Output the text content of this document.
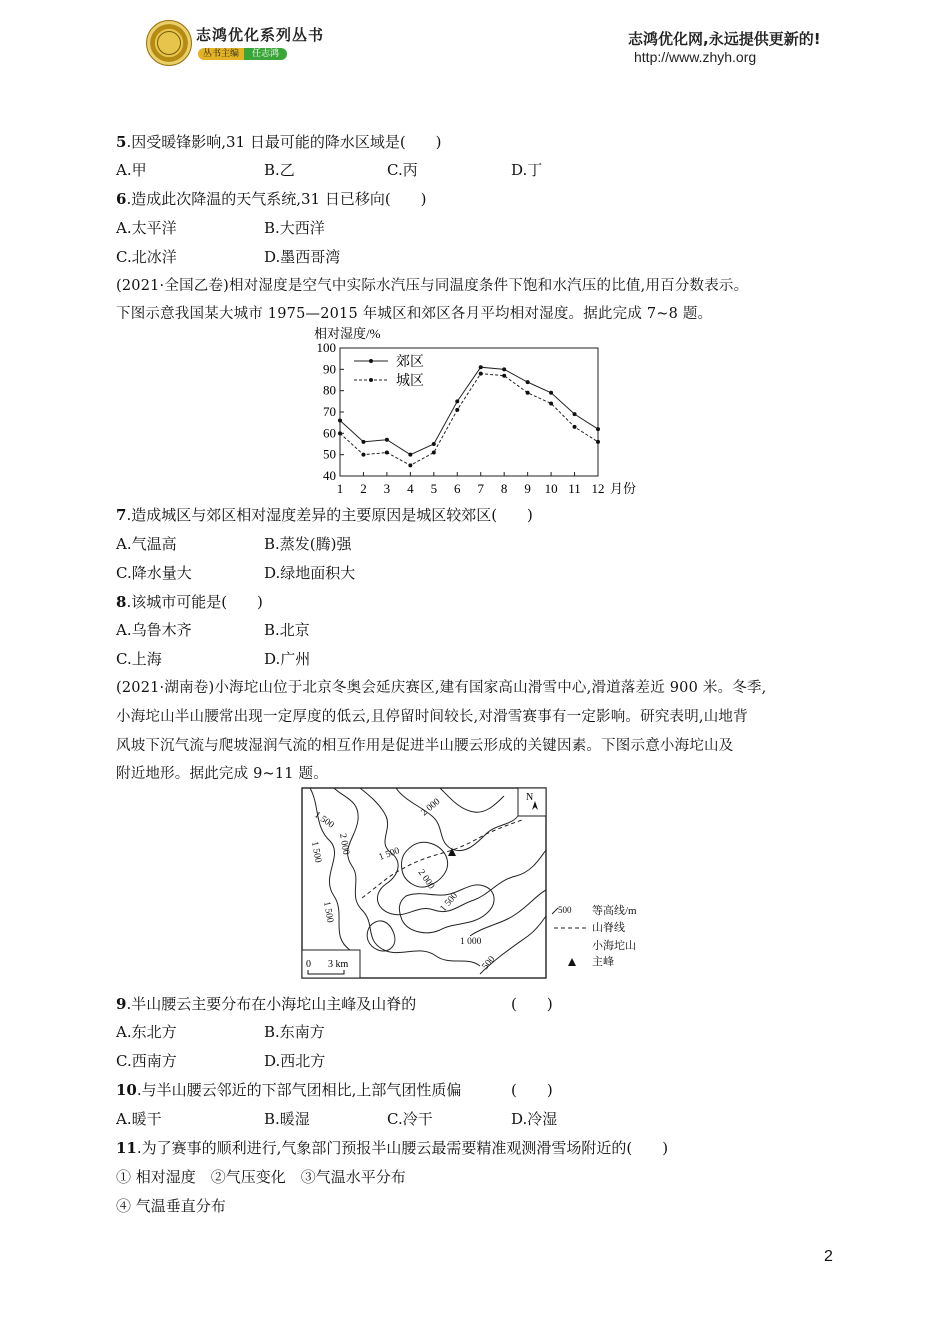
志鸿优化系列丛书
丛书主编	任志鸿
志鸿优化网,永远提供更新的!
http://www.zhyh.org
5.因受暖锋影响,31 日最可能的降水区域是(　　)
A.甲	B.乙	C.丙	D.丁
6.造成此次降温的天气系统,31 日已移向(　　)
A.太平洋	B.大西洋
C.北冰洋	D.墨西哥湾
(2021·全国乙卷)相对湿度是空气中实际水汽压与同温度条件下饱和水汽压的比值,用百分数表示。
下图示意我国某大城市 1975—2015 年城区和郊区各月平均相对湿度。据此完成 7~8 题。
相对湿度/%
100
90
80
70
60
50
40
1 2 3 4 5 6 7 8 9 10 11 12 月份
郊区
城区
7.造成城区与郊区相对湿度差异的主要原因是城区较郊区(　　)
A.气温高	B.蒸发(腾)强
C.降水量大	D.绿地面积大
8.该城市可能是(　　)
A.乌鲁木齐	B.北京
C.上海	D.广州
(2021·湖南卷)小海坨山位于北京冬奥会延庆赛区,建有国家高山滑雪中心,滑道落差近 900 米。冬季,
小海坨山半山腰常出现一定厚度的低云,且停留时间较长,对滑雪赛事有一定影响。研究表明,山地背
风坡下沉气流与爬坡湿润气流的相互作用是促进半山腰云形成的关键因素。下图示意小海坨山及
附近地形。据此完成 9~11 题。
N
0 3 km
1 500
2 000
1 500
2 000
1 500
2 000
1 500	1 500
1 000
500
500 等高线/m
山脊线
小海坨山
主峰
9.半山腰云主要分布在小海坨山主峰及山脊的	(　　)
A.东北方	B.东南方
C.西南方	D.西北方
10.与半山腰云邻近的下部气团相比,上部气团性质偏	(　　)
A.暖干	B.暖湿	C.冷干	D.冷湿
11.为了赛事的顺利进行,气象部门预报半山腰云最需要精准观测滑雪场附近的(　　)
① 相对湿度　②气压变化　③气温水平分布
④ 气温垂直分布
2
